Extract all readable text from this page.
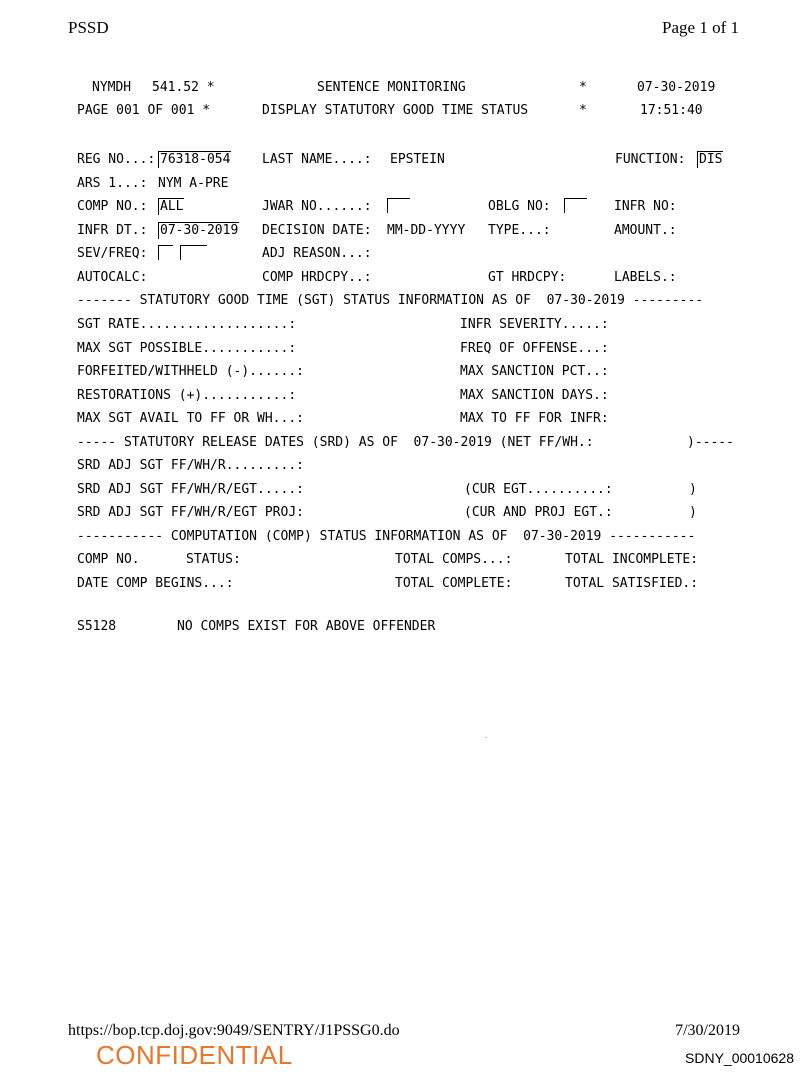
PSSD	Page 1 of 1
NYMDH 541.52 *	SENTENCE MONITORING	*	07-30-2019
PAGE 001 OF 001 *	DISPLAY STATUTORY GOOD TIME STATUS	*	17:51:40
REG NO...: 76318-054 LAST NAME....: EPSTEIN	FUNCTION: DIS
ARS 1...: NYM A-PRE
COMP NO.: ALL	JWAR NO......:	OBLG NO:	INFR NO:
INFR DT.: 07-30-2019 DECISION DATE: MM-DD-YYYY TYPE...:	AMOUNT.:
SEV/FREQ:	ADJ REASON...:
AUTOCALC:	COMP HRDCPY..:	GT HRDCPY:	LABELS.:
------- STATUTORY GOOD TIME (SGT) STATUS INFORMATION AS OF  07-30-2019 ---------
SGT RATE...................:	INFR SEVERITY.....:
MAX SGT POSSIBLE...........:	FREQ OF OFFENSE...:
FORFEITED/WITHHELD (-)......:	MAX SANCTION PCT..:
RESTORATIONS (+)...........:	MAX SANCTION DAYS.:
MAX SGT AVAIL TO FF OR WH...:	MAX TO FF FOR INFR:
----- STATUTORY RELEASE DATES (SRD) AS OF  07-30-2019 (NET FF/WH.:	)-----
SRD ADJ SGT FF/WH/R.........:
SRD ADJ SGT FF/WH/R/EGT.....:	(CUR EGT..........:	)
SRD ADJ SGT FF/WH/R/EGT PROJ:	(CUR AND PROJ EGT.:	)
----------- COMPUTATION (COMP) STATUS INFORMATION AS OF  07-30-2019 -----------
COMP NO.	STATUS:	TOTAL COMPS...:	TOTAL INCOMPLETE:
DATE COMP BEGINS...:	TOTAL COMPLETE:	TOTAL SATISFIED.:
S5128	NO COMPS EXIST FOR ABOVE OFFENDER
https://bop.tcp.doj.gov:9049/SENTRY/J1PSSG0.do	7/30/2019
CONFIDENTIAL	SDNY_00010628
